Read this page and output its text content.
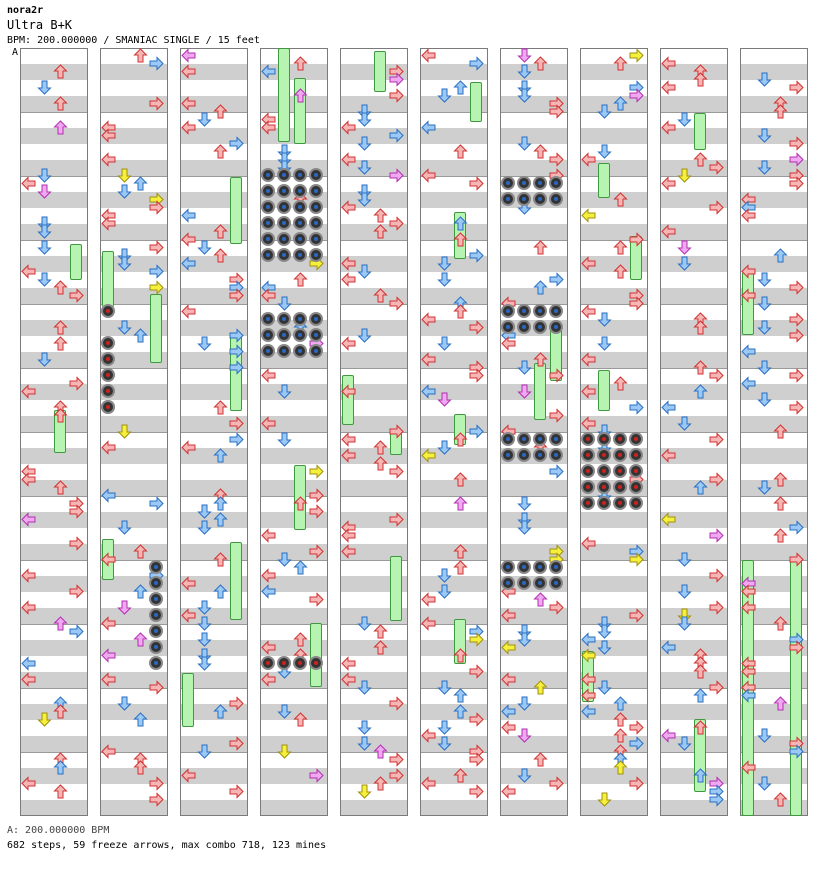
nora2r
Ultra B+K
BPM: 200.000000 / SMANIAC SINGLE / 15 feet
A
A: 200.000000 BPM
682 steps, 59 freeze arrows, max combo 718, 123 mines
